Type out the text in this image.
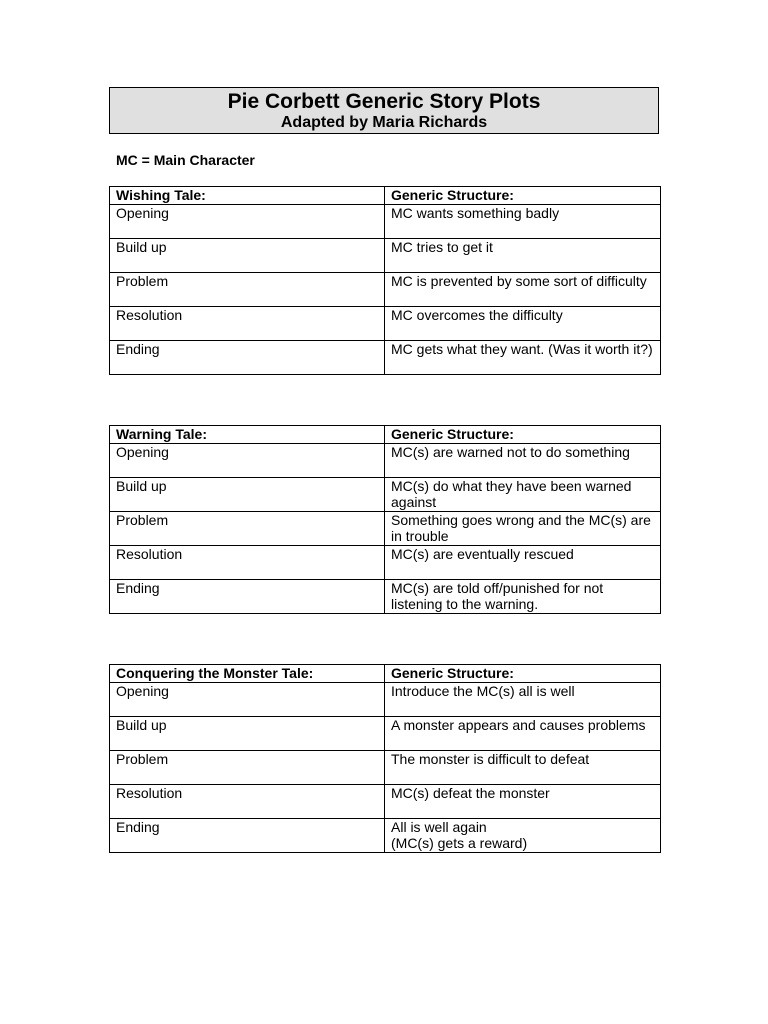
Pie Corbett Generic Story Plots
Adapted by Maria Richards
MC = Main Character
Wishing Tale:	Generic Structure:
Opening	MC wants something badly
Build up	MC tries to get it
Problem	MC is prevented by some sort of difficulty
Resolution	MC overcomes the difficulty
Ending	MC gets what they want. (Was it worth it?)
Warning Tale:	Generic Structure:
Opening	MC(s) are warned not to do something
Build up	MC(s) do what they have been warned against
Problem	Something goes wrong and the MC(s) are in trouble
Resolution	MC(s) are eventually rescued
Ending	MC(s) are told off/punished for not listening to the warning.
Conquering the Monster Tale:	Generic Structure:
Opening	Introduce the MC(s) all is well
Build up	A monster appears and causes problems
Problem	The monster is difficult to defeat
Resolution	MC(s) defeat the monster
Ending	All is well again
(MC(s) gets a reward)
